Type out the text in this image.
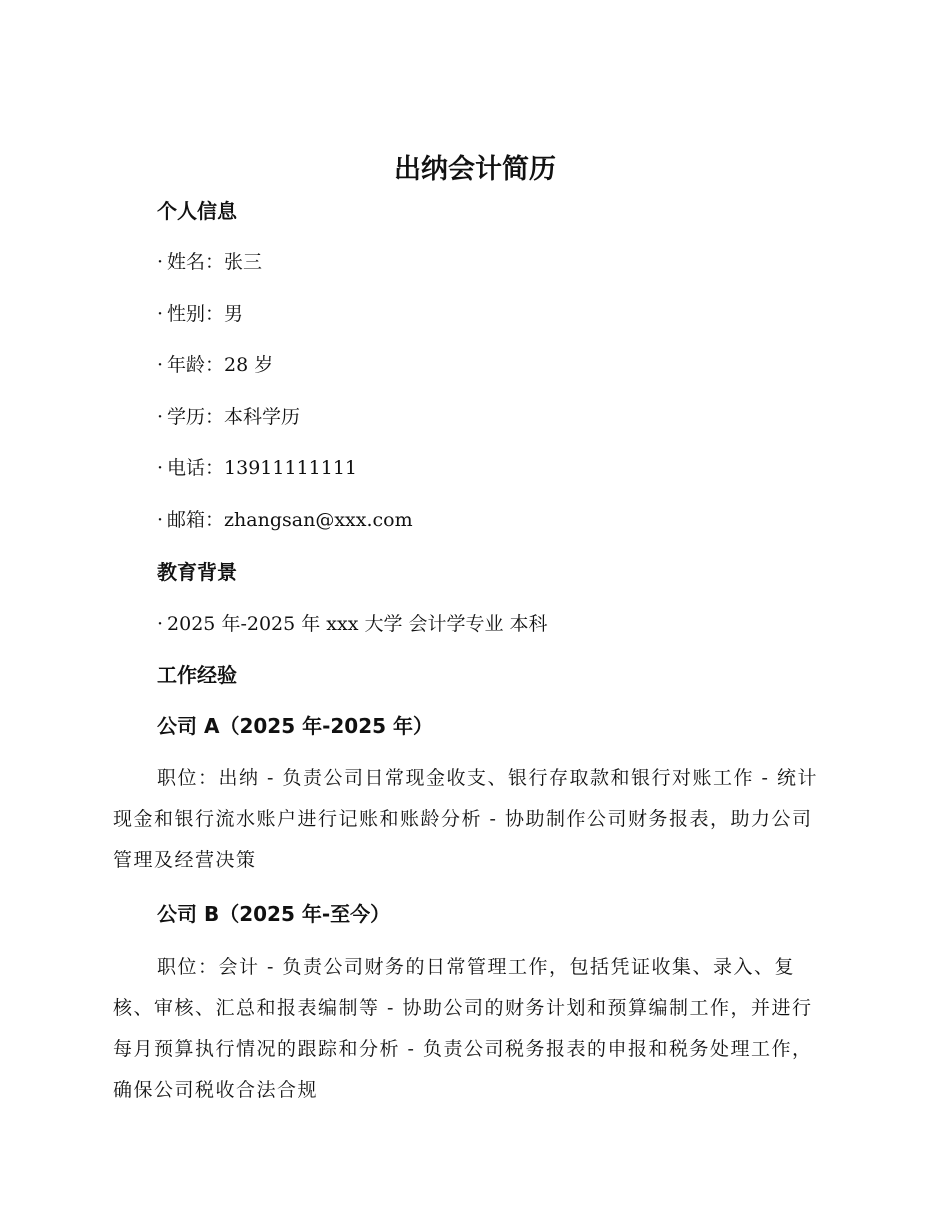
出纳会计简历
个人信息
· 姓名：张三
· 性别：男
· 年龄：28 岁
· 学历：本科学历
· 电话：13911111111
· 邮箱：zhangsan@xxx.com
教育背景
· 2025 年-2025 年 xxx 大学 会计学专业 本科
工作经验
公司 A（2025 年-2025 年）

职位：出纳 - 负责公司日常现金收支、银行存取款和银行对账工作 - 统计现金和银行流水账户进行记账和账龄分析 - 协助制作公司财务报表，助力公司管理及经营决策

公司 B（2025 年-至今）

职位：会计 - 负责公司财务的日常管理工作，包括凭证收集、录入、复核、审核、汇总和报表编制等 - 协助公司的财务计划和预算编制工作，并进行每月预算执行情况的跟踪和分析 - 负责公司税务报表的申报和税务处理工作，确保公司税收合法合规
